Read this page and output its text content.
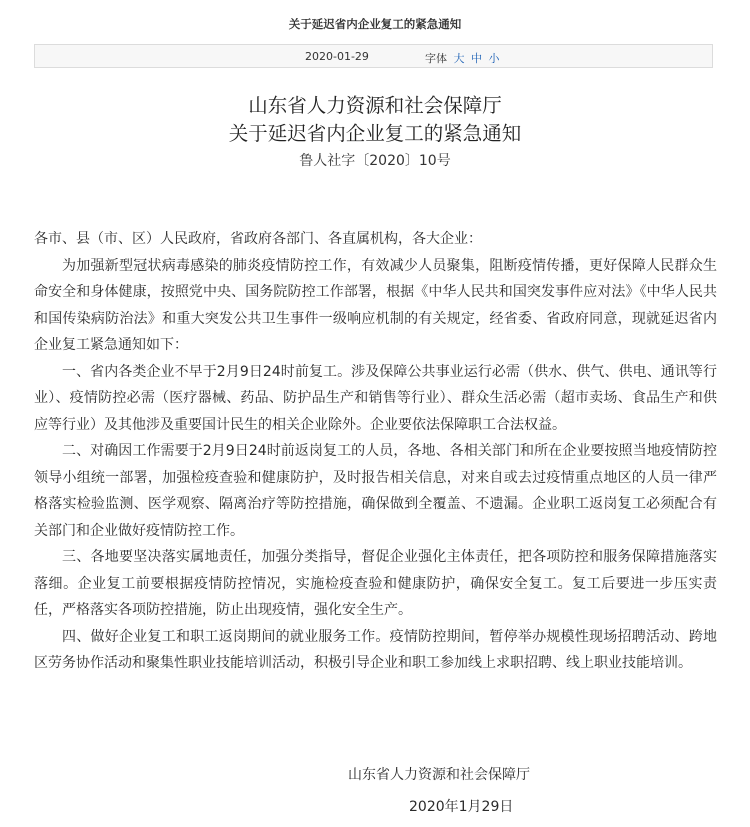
关于延迟省内企业复工的紧急通知
2020-01-29	字体 大 中 小
山东省人力资源和社会保障厅
关于延迟省内企业复工的紧急通知
鲁人社字〔2020〕10号

各市、县（市、区）人民政府，省政府各部门、各直属机构，各大企业：

为加强新型冠状病毒感染的肺炎疫情防控工作，有效减少人员聚集，阻断疫情传播，更好保障人民群众生命安全和身体健康，按照党中央、国务院防控工作部署，根据《中华人民共和国突发事件应对法》《中华人民共和国传染病防治法》和重大突发公共卫生事件一级响应机制的有关规定，经省委、省政府同意，现就延迟省内企业复工紧急通知如下：

一、省内各类企业不早于2月9日24时前复工。涉及保障公共事业运行必需（供水、供气、供电、通讯等行业）、疫情防控必需（医疗器械、药品、防护品生产和销售等行业）、群众生活必需（超市卖场、食品生产和供应等行业）及其他涉及重要国计民生的相关企业除外。企业要依法保障职工合法权益。

二、对确因工作需要于2月9日24时前返岗复工的人员，各地、各相关部门和所在企业要按照当地疫情防控领导小组统一部署，加强检疫查验和健康防护，及时报告相关信息，对来自或去过疫情重点地区的人员一律严格落实检验监测、医学观察、隔离治疗等防控措施，确保做到全覆盖、不遗漏。企业职工返岗复工必须配合有关部门和企业做好疫情防控工作。

三、各地要坚决落实属地责任，加强分类指导，督促企业强化主体责任，把各项防控和服务保障措施落实落细。企业复工前要根据疫情防控情况，实施检疫查验和健康防护，确保安全复工。复工后要进一步压实责任，严格落实各项防控措施，防止出现疫情，强化安全生产。

四、做好企业复工和职工返岗期间的就业服务工作。疫情防控期间，暂停举办规模性现场招聘活动、跨地区劳务协作活动和聚集性职业技能培训活动，积极引导企业和职工参加线上求职招聘、线上职业技能培训。

山东省人力资源和社会保障厅
2020年1月29日
